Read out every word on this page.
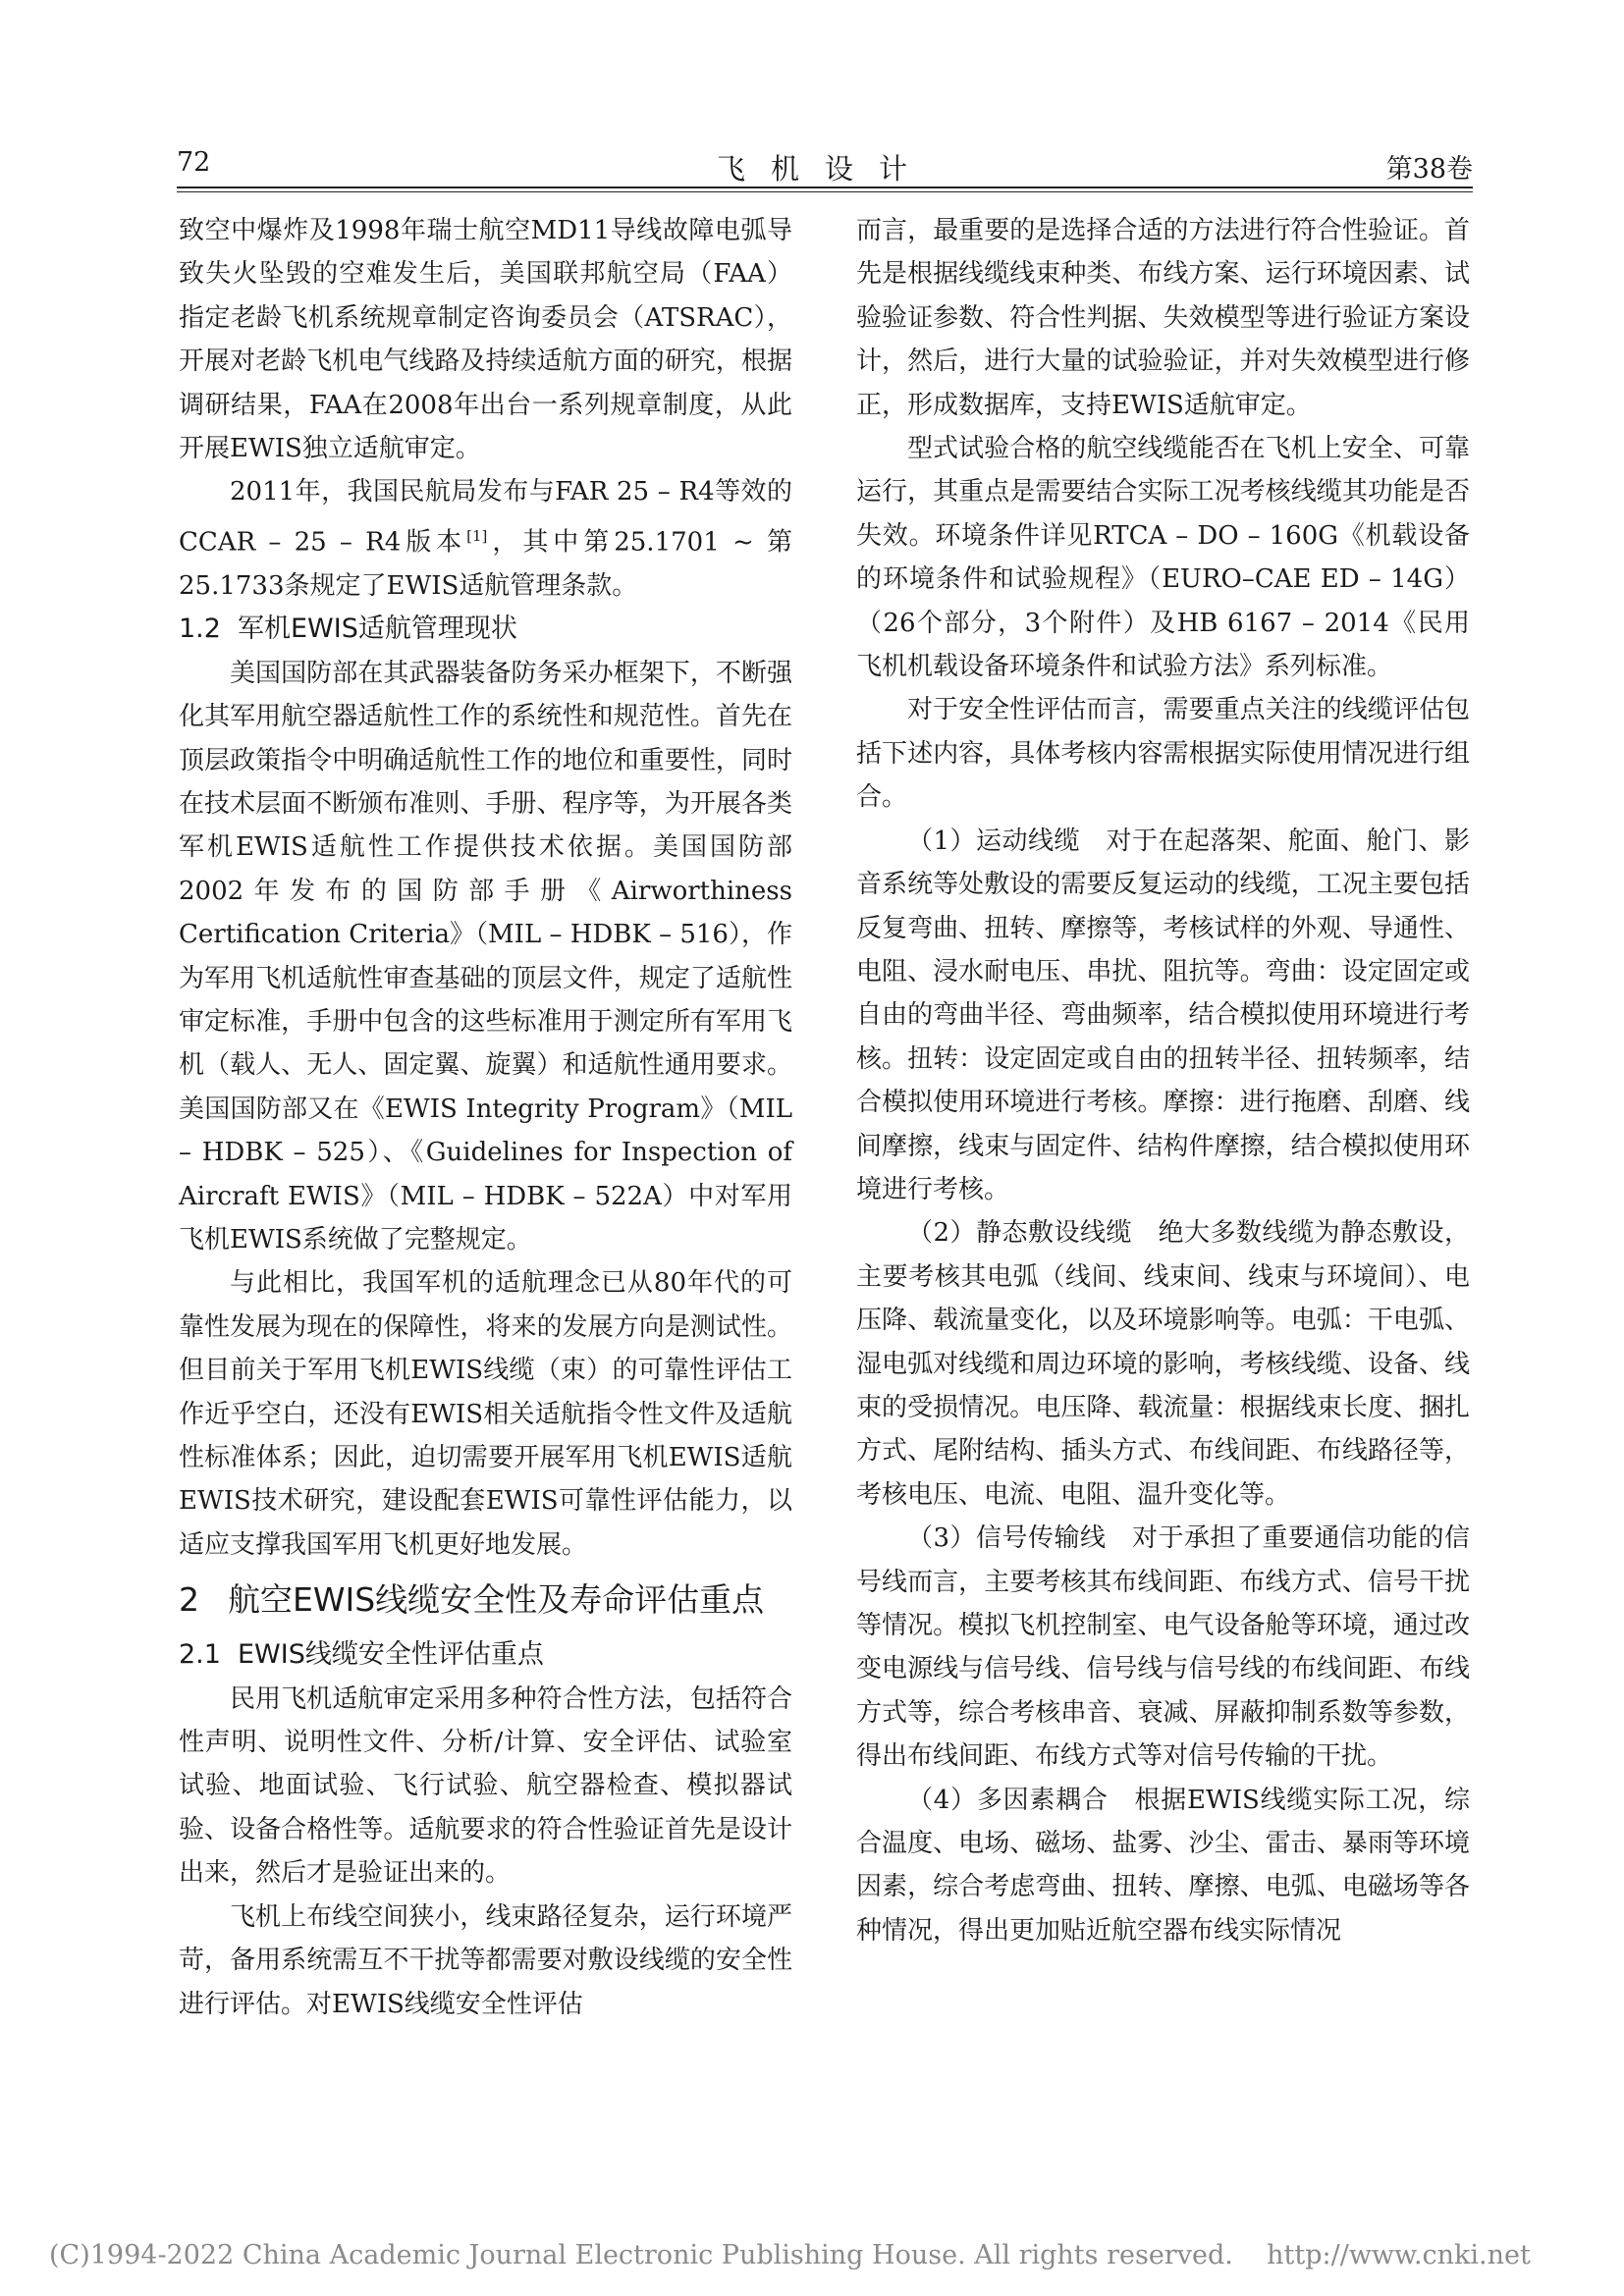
72	飞机设计	第38卷

致空中爆炸及1998年瑞士航空MD11导线故障电弧导致失火坠毁的空难发生后，美国联邦航空局（FAA）指定老龄飞机系统规章制定咨询委员会（ATSRAC），开展对老龄飞机电气线路及持续适航方面的研究，根据调研结果，FAA在2008年出台一系列规章制度，从此开展EWIS独立适航审定。

2011年，我国民航局发布与FAR 25 – R4等效的CCAR – 25 – R4版本[1]，其中第25.1701 ~ 第25.1733条规定了EWIS适航管理条款。

1.2 军机EWIS适航管理现状

美国国防部在其武器装备防务采办框架下，不断强化其军用航空器适航性工作的系统性和规范性。首先在顶层政策指令中明确适航性工作的地位和重要性，同时在技术层面不断颁布准则、手册、程序等，为开展各类军机EWIS适航性工作提供技术依据。美国国防部2002年发布的国防部手册《Airworthiness Certification Criteria》（MIL – HDBK – 516），作为军用飞机适航性审查基础的顶层文件，规定了适航性审定标准，手册中包含的这些标准用于测定所有军用飞机（载人、无人、固定翼、旋翼）和适航性通用要求。美国国防部又在《EWIS Integrity Program》（MIL – HDBK – 525）、《Guidelines for Inspection of Aircraft EWIS》（MIL – HDBK – 522A）中对军用飞机EWIS系统做了完整规定。

与此相比，我国军机的适航理念已从80年代的可靠性发展为现在的保障性，将来的发展方向是测试性。但目前关于军用飞机EWIS线缆（束）的可靠性评估工作近乎空白，还没有EWIS相关适航指令性文件及适航性标准体系；因此，迫切需要开展军用飞机EWIS适航EWIS技术研究，建设配套EWIS可靠性评估能力，以适应支撑我国军用飞机更好地发展。

2 航空EWIS线缆安全性及寿命评估重点
2.1 EWIS线缆安全性评估重点

民用飞机适航审定采用多种符合性方法，包括符合性声明、说明性文件、分析/计算、安全评估、试验室试验、地面试验、飞行试验、航空器检查、模拟器试验、设备合格性等。适航要求的符合性验证首先是设计出来，然后才是验证出来的。

飞机上布线空间狭小，线束路径复杂，运行环境严苛，备用系统需互不干扰等都需要对敷设线缆的安全性进行评估。对EWIS线缆安全性评估

而言，最重要的是选择合适的方法进行符合性验证。首先是根据线缆线束种类、布线方案、运行环境因素、试验验证参数、符合性判据、失效模型等进行验证方案设计，然后，进行大量的试验验证，并对失效模型进行修正，形成数据库，支持EWIS适航审定。

型式试验合格的航空线缆能否在飞机上安全、可靠运行，其重点是需要结合实际工况考核线缆其功能是否失效。环境条件详见RTCA – DO – 160G《机载设备的环境条件和试验规程》（EURO–CAE ED – 14G）（26个部分，3个附件）及HB 6167 – 2014《民用飞机机载设备环境条件和试验方法》系列标准。

对于安全性评估而言，需要重点关注的线缆评估包括下述内容，具体考核内容需根据实际使用情况进行组合。

（1）运动线缆　 对于在起落架、舵面、舱门、影音系统等处敷设的需要反复运动的线缆，工况主要包括反复弯曲、扭转、摩擦等，考核试样的外观、导通性、电阻、浸水耐电压、串扰、阻抗等。弯曲：设定固定或自由的弯曲半径、弯曲频率，结合模拟使用环境进行考核。扭转：设定固定或自由的扭转半径、扭转频率，结合模拟使用环境进行考核。摩擦：进行拖磨、刮磨、线间摩擦，线束与固定件、结构件摩擦，结合模拟使用环境进行考核。

（2）静态敷设线缆　 绝大多数线缆为静态敷设，主要考核其电弧（线间、线束间、线束与环境间）、电压降、载流量变化，以及环境影响等。电弧：干电弧、湿电弧对线缆和周边环境的影响，考核线缆、设备、线束的受损情况。电压降、载流量：根据线束长度、捆扎方式、尾附结构、插头方式、布线间距、布线路径等，考核电压、电流、电阻、温升变化等。

（3）信号传输线　 对于承担了重要通信功能的信号线而言，主要考核其布线间距、布线方式、信号干扰等情况。模拟飞机控制室、电气设备舱等环境，通过改变电源线与信号线、信号线与信号线的布线间距、布线方式等，综合考核串音、衰减、屏蔽抑制系数等参数，得出布线间距、布线方式等对信号传输的干扰。

（4）多因素耦合　 根据EWIS线缆实际工况，综合温度、电场、磁场、盐雾、沙尘、雷击、暴雨等环境因素，综合考虑弯曲、扭转、摩擦、电弧、电磁场等各种情况，得出更加贴近航空器布线实际情况

(C)1994-2022 China Academic Journal Electronic Publishing House. All rights reserved. http://www.cnki.net
